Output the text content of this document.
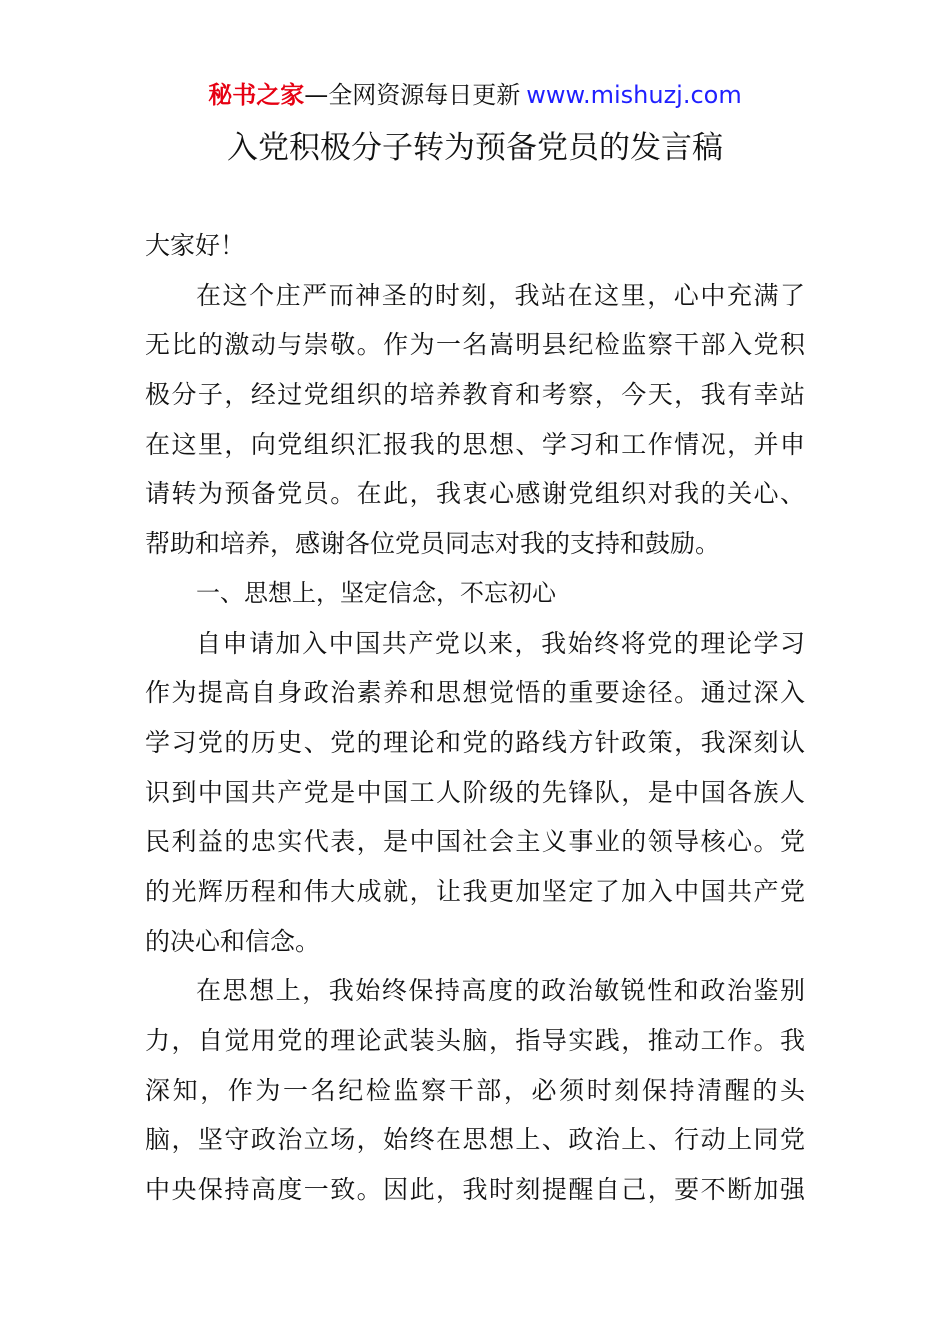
秘书之家—全网资源每日更新 www.mishuzj.com
入党积极分子转为预备党员的发言稿
大家好！
在这个庄严而神圣的时刻，我站在这里，心中充满了
无比的激动与崇敬。作为一名嵩明县纪检监察干部入党积
极分子，经过党组织的培养教育和考察，今天，我有幸站
在这里，向党组织汇报我的思想、学习和工作情况，并申
请转为预备党员。在此，我衷心感谢党组织对我的关心、
帮助和培养，感谢各位党员同志对我的支持和鼓励。
一、思想上，坚定信念，不忘初心
自申请加入中国共产党以来，我始终将党的理论学习
作为提高自身政治素养和思想觉悟的重要途径。通过深入
学习党的历史、党的理论和党的路线方针政策，我深刻认
识到中国共产党是中国工人阶级的先锋队，是中国各族人
民利益的忠实代表，是中国社会主义事业的领导核心。党
的光辉历程和伟大成就，让我更加坚定了加入中国共产党
的决心和信念。
在思想上，我始终保持高度的政治敏锐性和政治鉴别
力，自觉用党的理论武装头脑，指导实践，推动工作。我
深知，作为一名纪检监察干部，必须时刻保持清醒的头
脑，坚守政治立场，始终在思想上、政治上、行动上同党
中央保持高度一致。因此，我时刻提醒自己，要不断加强
